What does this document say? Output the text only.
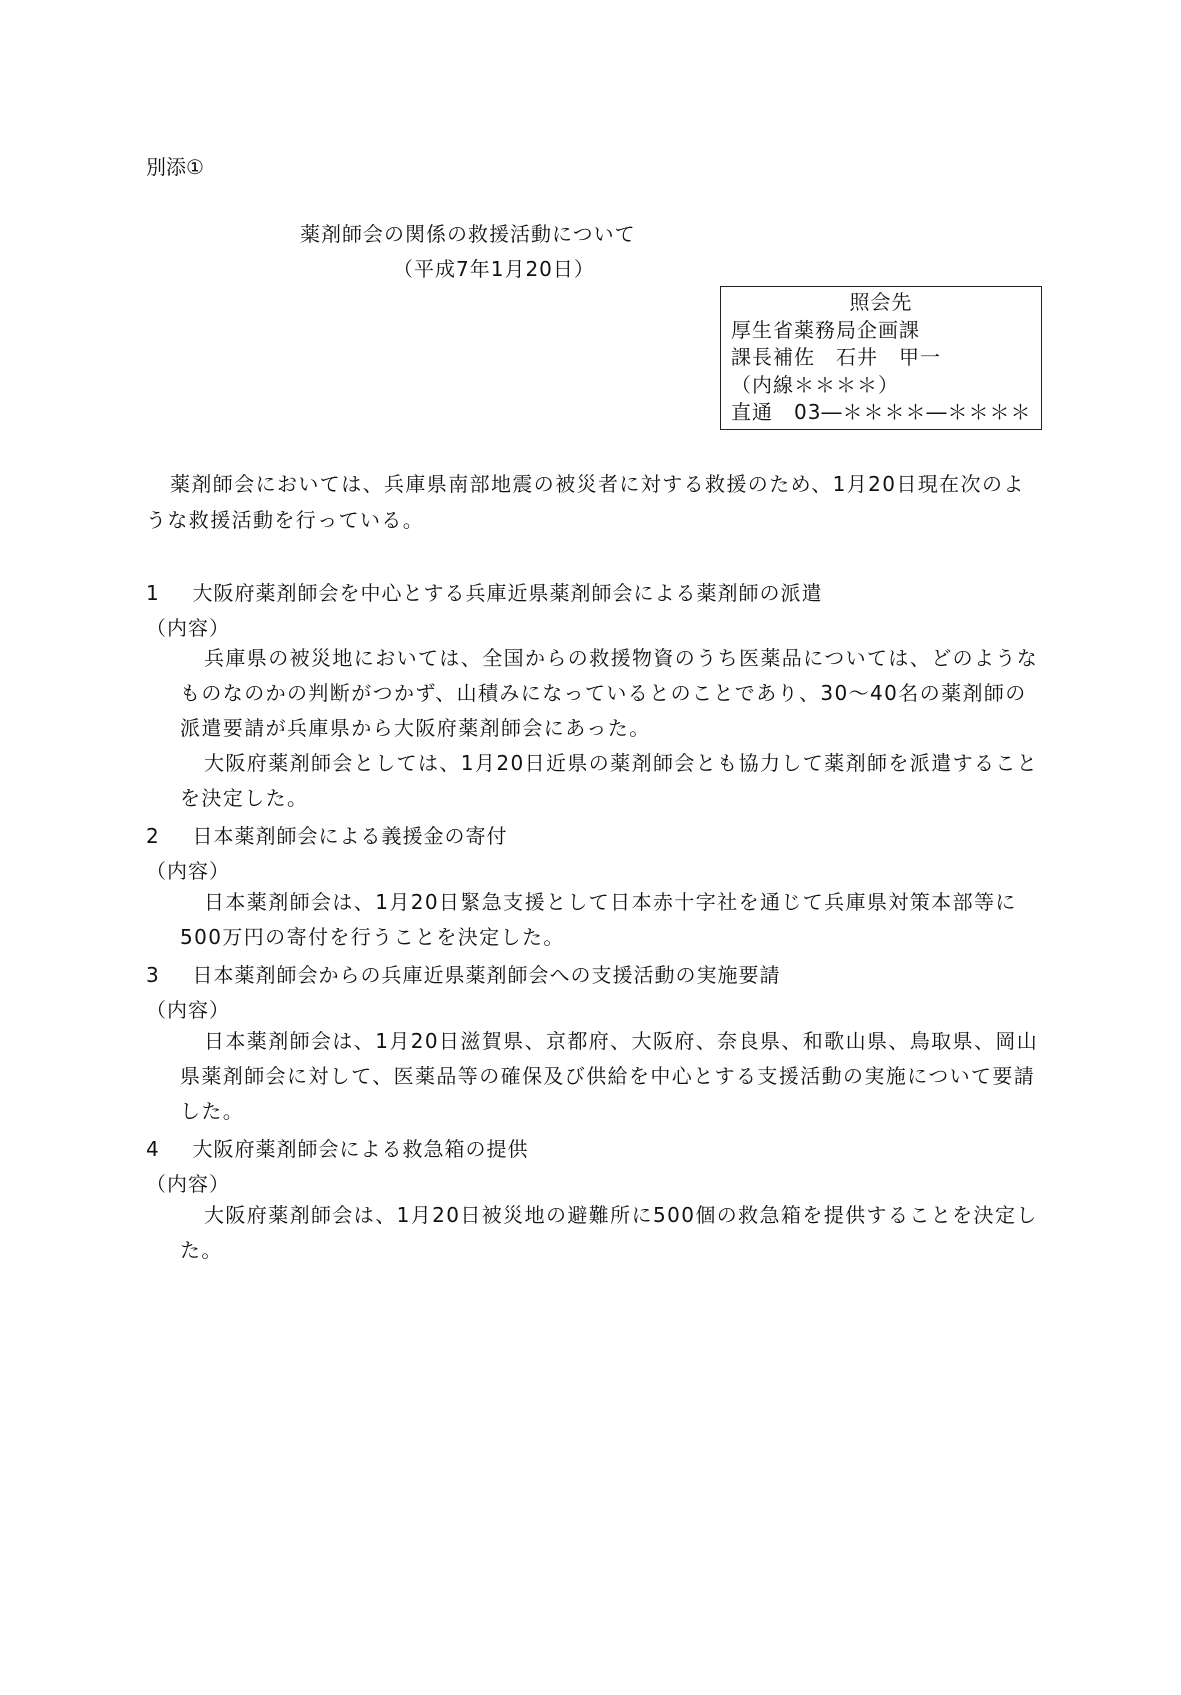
別添①
薬剤師会の関係の救援活動について
（平成7年1月20日）
照会先
厚生省薬務局企画課
課長補佐　石井　甲一
（内線＊＊＊＊）
直通　03―＊＊＊＊―＊＊＊＊
薬剤師会においては、兵庫県南部地震の被災者に対する救援のため、1月20日現在次のような救援活動を行っている。
1 大阪府薬剤師会を中心とする兵庫近県薬剤師会による薬剤師の派遣
（内容）
兵庫県の被災地においては、全国からの救援物資のうち医薬品については、どのようなものなのかの判断がつかず、山積みになっているとのことであり、30～40名の薬剤師の派遣要請が兵庫県から大阪府薬剤師会にあった。
大阪府薬剤師会としては、1月20日近県の薬剤師会とも協力して薬剤師を派遣することを決定した。
2 日本薬剤師会による義援金の寄付
（内容）
日本薬剤師会は、1月20日緊急支援として日本赤十字社を通じて兵庫県対策本部等に500万円の寄付を行うことを決定した。
3 日本薬剤師会からの兵庫近県薬剤師会への支援活動の実施要請
（内容）
日本薬剤師会は、1月20日滋賀県、京都府、大阪府、奈良県、和歌山県、鳥取県、岡山県薬剤師会に対して、医薬品等の確保及び供給を中心とする支援活動の実施について要請した。
4 大阪府薬剤師会による救急箱の提供
（内容）
大阪府薬剤師会は、1月20日被災地の避難所に500個の救急箱を提供することを決定した。
